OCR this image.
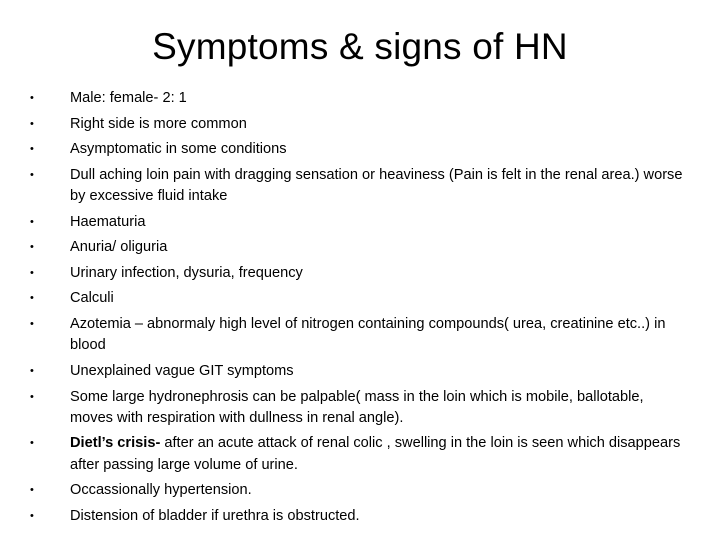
Symptoms & signs of HN
•	Male: female- 2: 1
•	Right side is more common
•	Asymptomatic in some conditions
•	Dull aching loin pain with dragging sensation or heaviness (Pain is felt in the renal area.) worse by excessive fluid intake
•	Haematuria
•	Anuria/ oliguria
•	Urinary infection, dysuria, frequency
•	Calculi
•	Azotemia – abnormaly high level of nitrogen containing compounds( urea, creatinine etc..) in blood
•	Unexplained vague GIT symptoms
•	Some large hydronephrosis can be palpable( mass in the loin which is mobile, ballotable, moves with respiration with dullness in renal angle).
•	Dietl’s crisis- after an acute attack of renal colic , swelling in the loin is seen which disappears after passing large volume of urine.
•	Occassionally hypertension.
•	Distension of bladder if urethra is obstructed.
